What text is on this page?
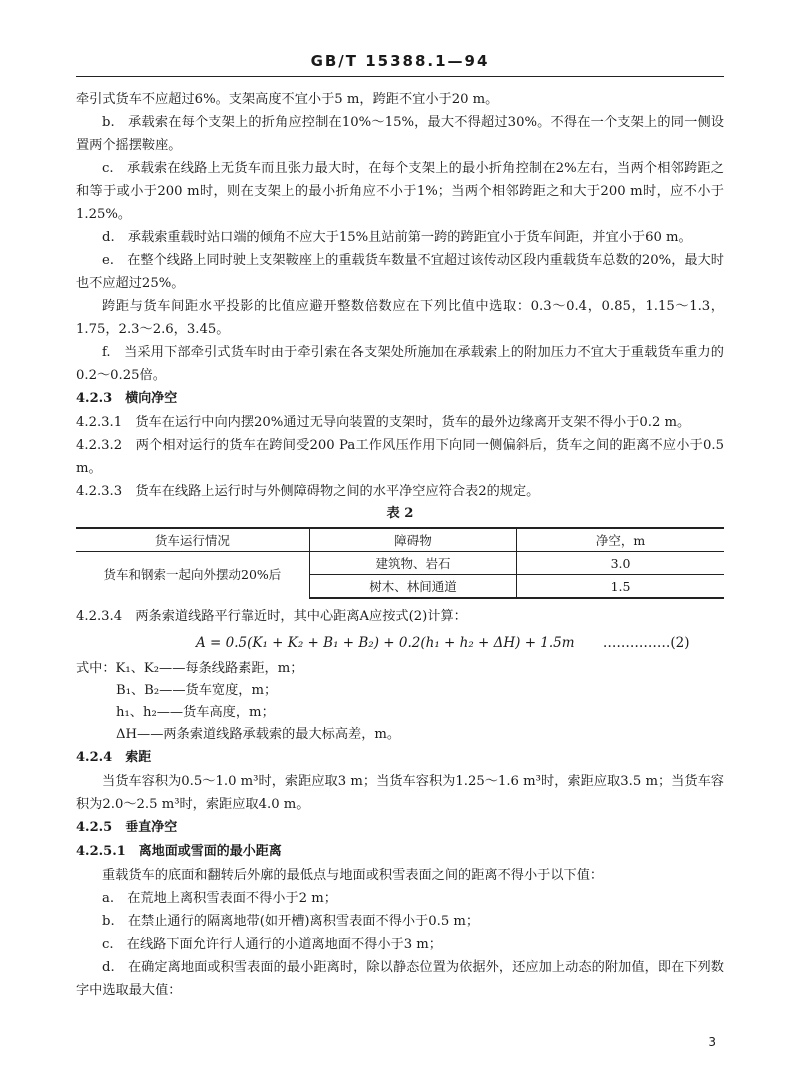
GB/T 15388.1—94

牵引式货车不应超过6%。支架高度不宜小于5 m，跨距不宜小于20 m。

b.　承载索在每个支架上的折角应控制在10%～15%，最大不得超过30%。不得在一个支架上的同一侧设置两个摇摆鞍座。

c.　承载索在线路上无货车而且张力最大时，在每个支架上的最小折角控制在2%左右，当两个相邻跨距之和等于或小于200 m时，则在支架上的最小折角应不小于1%；当两个相邻跨距之和大于200 m时，应不小于1.25%。

d.　承载索重载时站口端的倾角不应大于15%且站前第一跨的跨距宜小于货车间距，并宜小于60 m。

e.　在整个线路上同时驶上支架鞍座上的重载货车数量不宜超过该传动区段内重载货车总数的20%，最大时也不应超过25%。

跨距与货车间距水平投影的比值应避开整数倍数应在下列比值中选取：0.3～0.4，0.85，1.15～1.3，1.75，2.3～2.6，3.45。

f.　当采用下部牵引式货车时由于牵引索在各支架处所施加在承载索上的附加压力不宜大于重载货车重力的0.2～0.25倍。

4.2.3　横向净空

4.2.3.1　货车在运行中向内摆20%通过无导向装置的支架时，货车的最外边缘离开支架不得小于0.2 m。

4.2.3.2　两个相对运行的货车在跨间受200 Pa工作风压作用下向同一侧偏斜后，货车之间的距离不应小于0.5 m。

4.2.3.3　货车在线路上运行时与外侧障碍物之间的水平净空应符合表2的规定。

表 2

货车运行情况	障碍物	净空，m
货车和钢索一起向外摆动20%后	建筑物、岩石	3.0
	树木、林间通道	1.5

4.2.3.4　两条索道线路平行靠近时，其中心距离A应按式(2)计算：

A = 0.5(K₁ + K₂ + B₁ + B₂) + 0.2(h₁ + h₂ + ΔH) + 1.5m ……………(2)

式中：K₁、K₂——每条线路素距，m；

B₁、B₂——货车宽度，m；

h₁、h₂——货车高度，m；

ΔH——两条索道线路承载索的最大标高差，m。

4.2.4　索距

当货车容积为0.5～1.0 m³时，索距应取3 m；当货车容积为1.25～1.6 m³时，索距应取3.5 m；当货车容积为2.0～2.5 m³时，索距应取4.0 m。

4.2.5　垂直净空

4.2.5.1　离地面或雪面的最小距离

重载货车的底面和翻转后外廓的最低点与地面或积雪表面之间的距离不得小于以下值：

a.　在荒地上离积雪表面不得小于2 m；

b.　在禁止通行的隔离地带(如开槽)离积雪表面不得小于0.5 m；

c.　在线路下面允许行人通行的小道离地面不得小于3 m；

d.　在确定离地面或积雪表面的最小距离时，除以静态位置为依据外，还应加上动态的附加值，即在下列数字中选取最大值：

3
